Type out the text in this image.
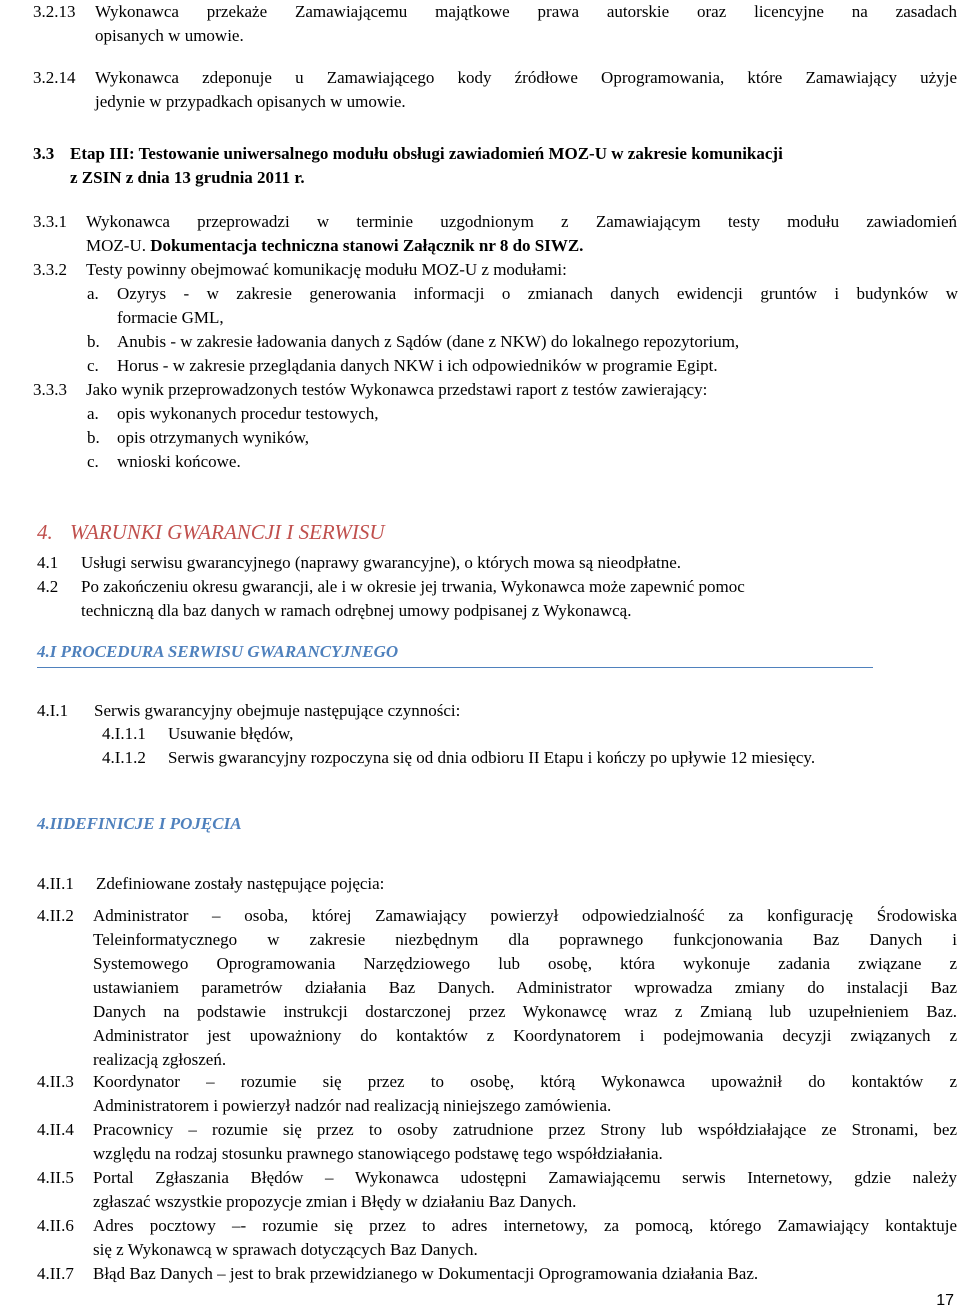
3.2.13 Wykonawca przekaże Zamawiającemu majątkowe prawa autorskie oraz licencyjne na zasadach
opisanych w umowie.
3.2.14 Wykonawca zdeponuje u Zamawiającego kody źródłowe Oprogramowania, które Zamawiający użyje
jedynie w przypadkach opisanych w umowie.
3.3 Etap III: Testowanie uniwersalnego modułu obsługi zawiadomień MOZ-U w zakresie komunikacji
z ZSIN z dnia 13 grudnia 2011 r.
3.3.1 Wykonawca przeprowadzi w terminie uzgodnionym z Zamawiającym testy modułu zawiadomień
MOZ-U. Dokumentacja techniczna stanowi Załącznik nr 8 do SIWZ.
3.3.2 Testy powinny obejmować komunikację modułu MOZ-U z modułami:
a. Ozyrys - w zakresie generowania informacji o zmianach danych ewidencji gruntów i budynków w
formacie GML,
b. Anubis - w zakresie ładowania danych z Sądów (dane z NKW) do lokalnego repozytorium,
c. Horus - w zakresie przeglądania danych NKW i ich odpowiedników w programie Egipt.
3.3.3 Jako wynik przeprowadzonych testów Wykonawca przedstawi raport z testów zawierający:
a. opis wykonanych procedur testowych,
b. opis otrzymanych wyników,
c. wnioski końcowe.
4. WARUNKI GWARANCJI I SERWISU
4.1 Usługi serwisu gwarancyjnego (naprawy gwarancyjne), o których mowa są nieodpłatne.
4.2 Po zakończeniu okresu gwarancji, ale i w okresie jej trwania, Wykonawca może zapewnić pomoc
techniczną dla baz danych w ramach odrębnej umowy podpisanej z Wykonawcą.
4.I PROCEDURA SERWISU GWARANCYJNEGO
4.I.1 Serwis gwarancyjny obejmuje następujące czynności:
4.I.1.1 Usuwanie błędów,
4.I.1.2 Serwis gwarancyjny rozpoczyna się od dnia odbioru II Etapu i kończy po upływie 12 miesięcy.
4.IIDEFINICJE I POJĘCIA
4.II.1 Zdefiniowane zostały następujące pojęcia:
4.II.2 Administrator – osoba, której Zamawiający powierzył odpowiedzialność za konfigurację Środowiska
Teleinformatycznego w zakresie niezbędnym dla poprawnego funkcjonowania Baz Danych i
Systemowego Oprogramowania Narzędziowego lub osobę, która wykonuje zadania związane z
ustawianiem parametrów działania Baz Danych. Administrator wprowadza zmiany do instalacji Baz
Danych na podstawie instrukcji dostarczonej przez Wykonawcę wraz z Zmianą lub uzupełnieniem Baz.
Administrator jest upoważniony do kontaktów z Koordynatorem i podejmowania decyzji związanych z
realizacją zgłoszeń.
4.II.3 Koordynator – rozumie się przez to osobę, którą Wykonawca upoważnił do kontaktów z
Administratorem i powierzył nadzór nad realizacją niniejszego zamówienia.
4.II.4 Pracownicy – rozumie się przez to osoby zatrudnione przez Strony lub współdziałające ze Stronami, bez
względu na rodzaj stosunku prawnego stanowiącego podstawę tego współdziałania.
4.II.5 Portal Zgłaszania Błędów – Wykonawca udostępni Zamawiającemu serwis Internetowy, gdzie należy
zgłaszać wszystkie propozycje zmian i Błędy w działaniu Baz Danych.
4.II.6 Adres pocztowy –- rozumie się przez to adres internetowy, za pomocą, którego Zamawiający kontaktuje
się z Wykonawcą w sprawach dotyczących Baz Danych.
4.II.7 Błąd Baz Danych – jest to brak przewidzianego w Dokumentacji Oprogramowania działania Baz.
17
